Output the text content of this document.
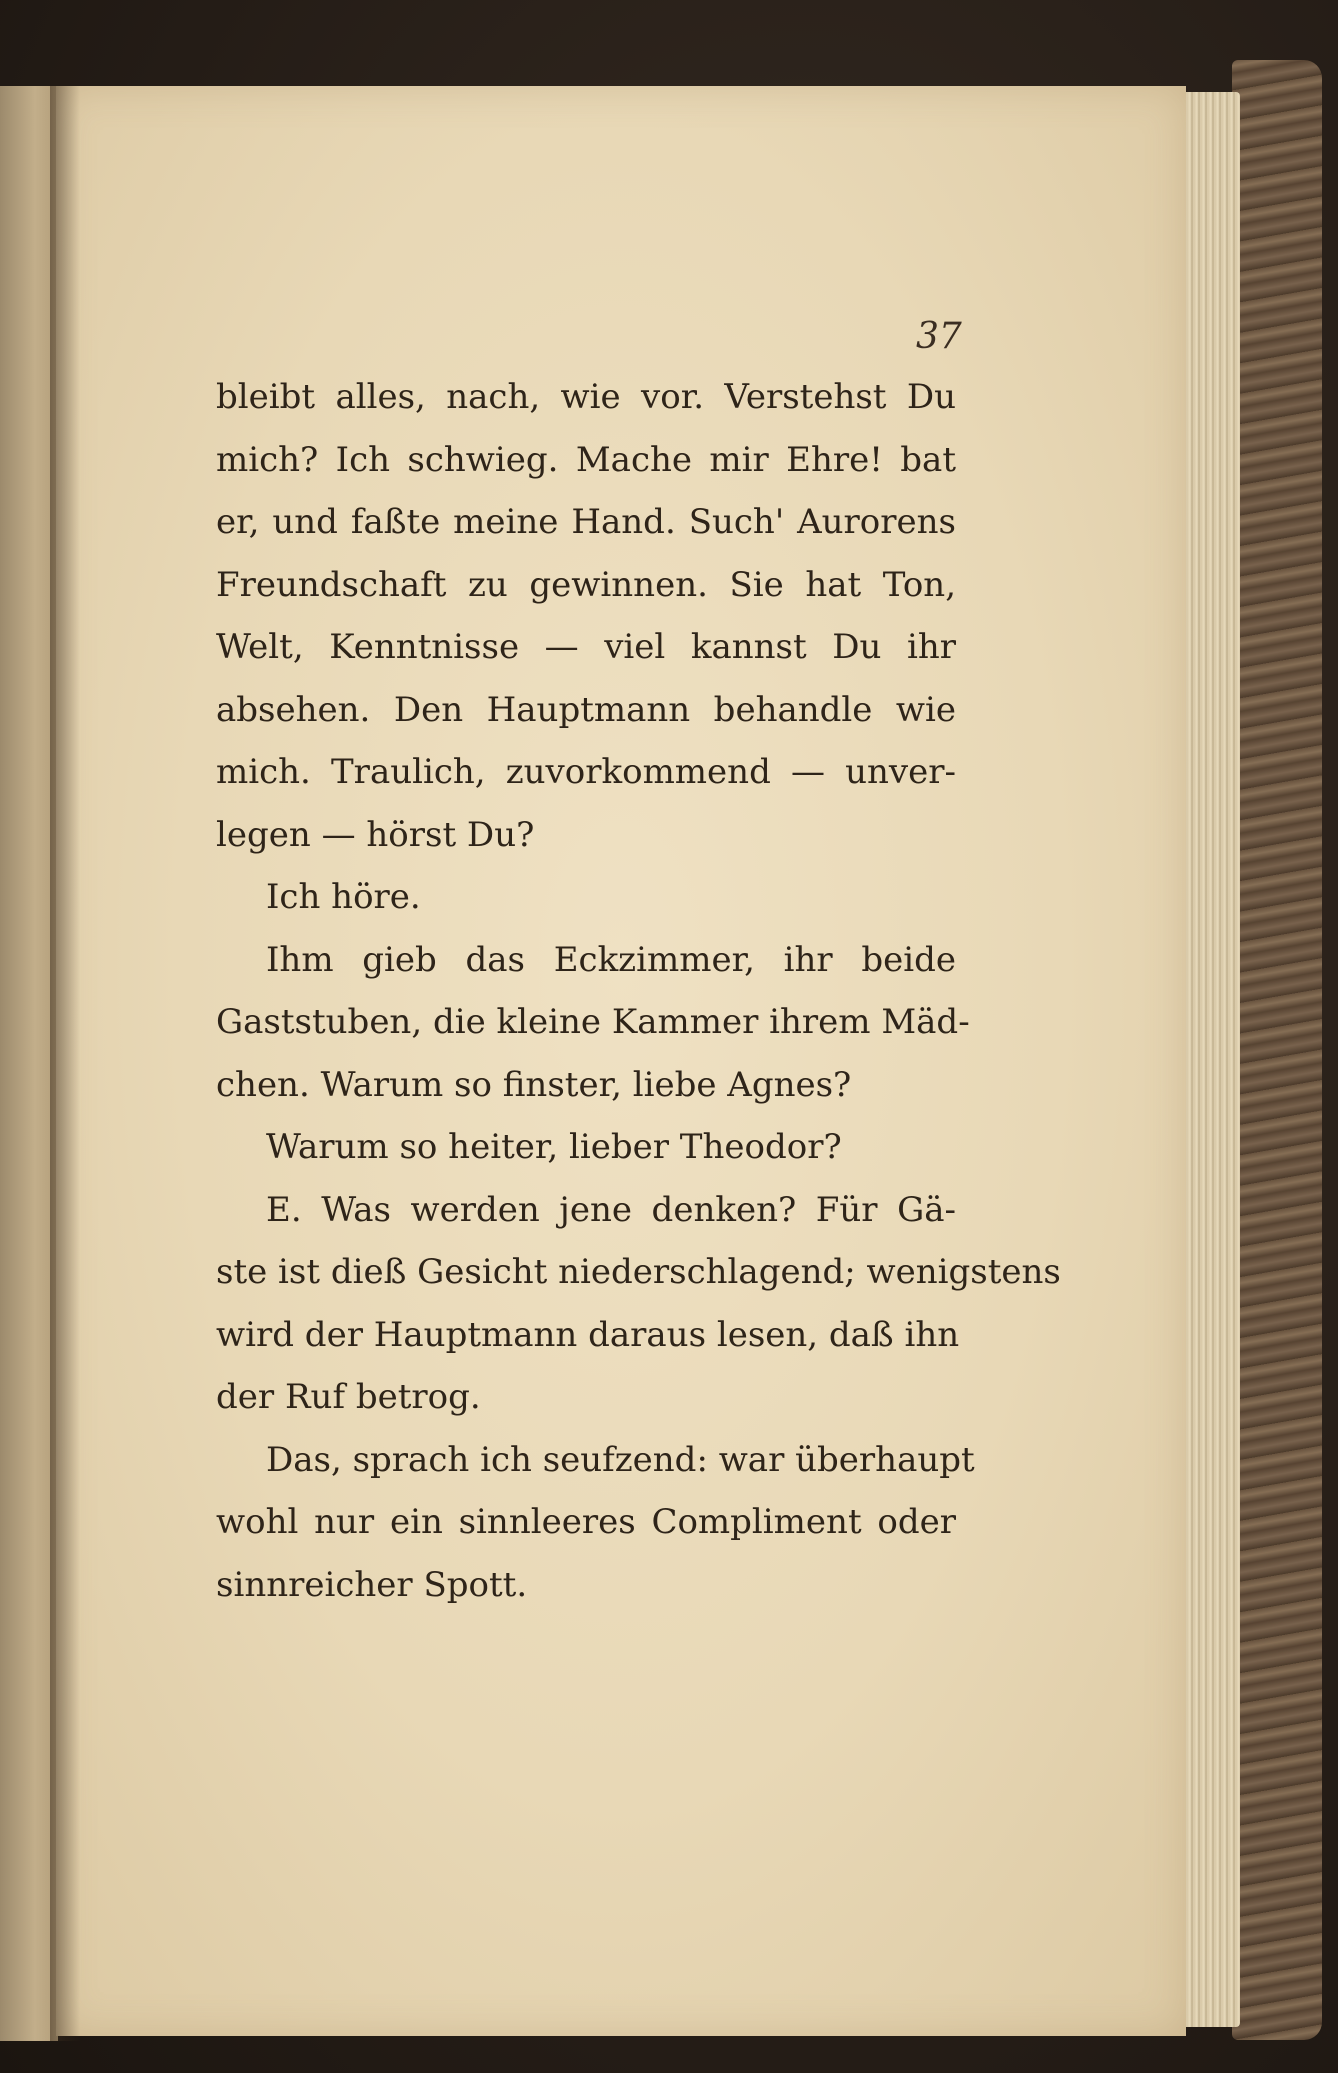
37
bleibt alles, nach, wie vor. Verstehst Du
mich? Ich schwieg. Mache mir Ehre! bat
er, und faßte meine Hand. Such' Aurorens
Freundschaft zu gewinnen. Sie hat Ton,
Welt, Kenntnisse — viel kannst Du ihr
absehen. Den Hauptmann behandle wie
mich. Traulich, zuvorkommend — unver-
legen — hörst Du?
Ich höre.
Ihm gieb das Eckzimmer, ihr beide
Gaststuben, die kleine Kammer ihrem Mäd-
chen. Warum so finster, liebe Agnes?
Warum so heiter, lieber Theodor?
E. Was werden jene denken? Für Gä-
ste ist dieß Gesicht niederschlagend; wenigstens
wird der Hauptmann daraus lesen, daß ihn
der Ruf betrog.
Das, sprach ich seufzend: war überhaupt
wohl nur ein sinnleeres Compliment oder
sinnreicher Spott.
